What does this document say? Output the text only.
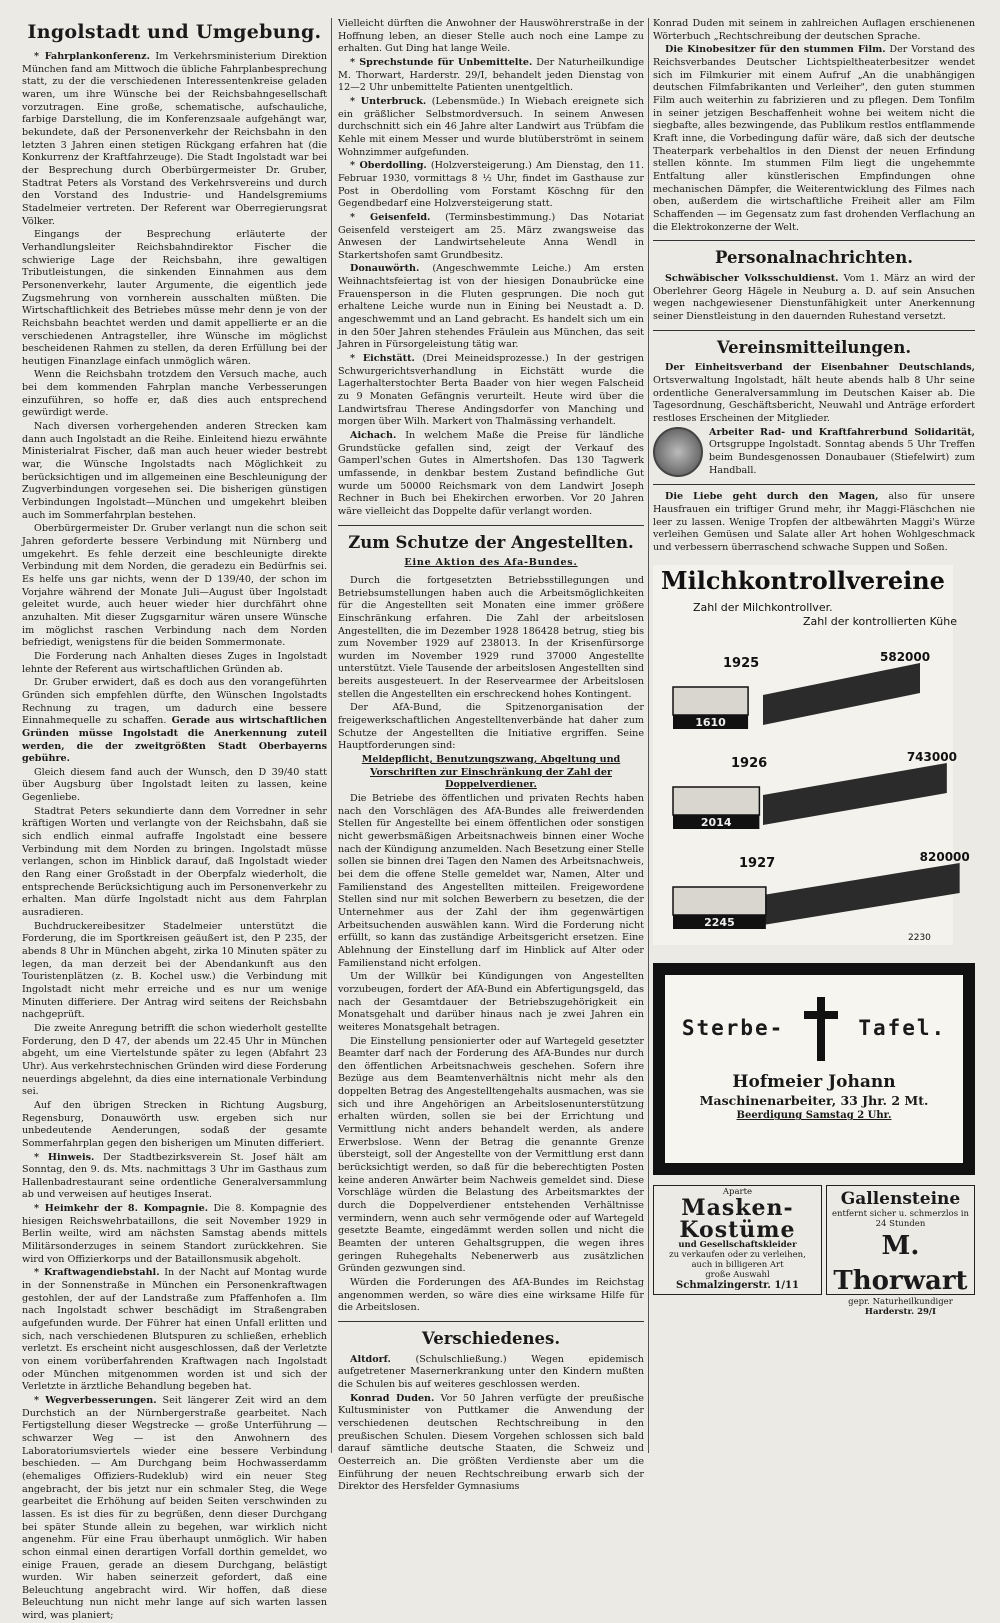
Ingolstadt und Umgebung.

* Fahrplankonferenz. Im Verkehrsministerium Direktion München fand am Mittwoch die übliche Fahrplanbesprechung statt, zu der die verschiedenen Interessentenkreise geladen waren, um ihre Wünsche bei der Reichsbahngesellschaft vorzutragen. Eine große, schematische, aufschauliche, farbige Darstellung, die im Konferenzsaale aufgehängt war, bekundete, daß der Personenverkehr der Reichsbahn in den letzten 3 Jahren einen stetigen Rückgang erfahren hat (die Konkurrenz der Kraftfahrzeuge). Die Stadt Ingolstadt war bei der Besprechung durch Oberbürgermeister Dr. Gruber, Stadtrat Peters als Vorstand des Verkehrsvereins und durch den Vorstand des Industrie- und Handelsgremiums Stadelmeier vertreten. Der Referent war Oberregierungsrat Völker.

Eingangs der Besprechung erläuterte der Verhandlungsleiter Reichsbahndirektor Fischer die schwierige Lage der Reichsbahn, ihre gewaltigen Tributleistungen, die sinkenden Einnahmen aus dem Personenverkehr, lauter Argumente, die eigentlich jede Zugsmehrung von vornherein ausschalten müßten. Die Wirtschaftlichkeit des Betriebes müsse mehr denn je von der Reichsbahn beachtet werden und damit appellierte er an die verschiedenen Antragsteller, ihre Wünsche im möglichst bescheidenen Rahmen zu stellen, da deren Erfüllung bei der heutigen Finanzlage einfach unmöglich wären.

Wenn die Reichsbahn trotzdem den Versuch mache, auch bei dem kommenden Fahrplan manche Verbesserungen einzuführen, so hoffe er, daß dies auch entsprechend gewürdigt werde.

Nach diversen vorhergehenden anderen Strecken kam dann auch Ingolstadt an die Reihe. Einleitend hiezu erwähnte Ministerialrat Fischer, daß man auch heuer wieder bestrebt war, die Wünsche Ingolstadts nach Möglichkeit zu berücksichtigen und im allgemeinen eine Beschleunigung der Zugverbindungen vorgesehen sei. Die bisherigen günstigen Verbindungen Ingolstadt—München und umgekehrt bleiben auch im Sommerfahrplan bestehen.

Oberbürgermeister Dr. Gruber verlangt nun die schon seit Jahren geforderte bessere Verbindung mit Nürnberg und umgekehrt. Es fehle derzeit eine beschleunigte direkte Verbindung mit dem Norden, die geradezu ein Bedürfnis sei. Es helfe uns gar nichts, wenn der D 139/40, der schon im Vorjahre während der Monate Juli—August über Ingolstadt geleitet wurde, auch heuer wieder hier durchfährt ohne anzuhalten. Mit dieser Zugsgarnitur wären unsere Wünsche im möglichst raschen Verbindung nach dem Norden befriedigt, wenigstens für die beiden Sommermonate.

Die Forderung nach Anhalten dieses Zuges in Ingolstadt lehnte der Referent aus wirtschaftlichen Gründen ab.

Dr. Gruber erwidert, daß es doch aus den vorangeführten Gründen sich empfehlen dürfte, den Wünschen Ingolstadts Rechnung zu tragen, um dadurch eine bessere Einnahmequelle zu schaffen. Gerade aus wirtschaftlichen Gründen müsse Ingolstadt die Anerkennung zuteil werden, die der zweitgrößten Stadt Oberbayerns gebühre.

Gleich diesem fand auch der Wunsch, den D 39/40 statt über Augsburg über Ingolstadt leiten zu lassen, keine Gegenliebe.

Stadtrat Peters sekundierte dann dem Vorredner in sehr kräftigen Worten und verlangte von der Reichsbahn, daß sie sich endlich einmal aufraffe Ingolstadt eine bessere Verbindung mit dem Norden zu bringen. Ingolstadt müsse verlangen, schon im Hinblick darauf, daß Ingolstadt wieder den Rang einer Großstadt in der Oberpfalz wiederholt, die entsprechende Berücksichtigung auch im Personenverkehr zu erhalten. Man dürfe Ingolstadt nicht aus dem Fahrplan ausradieren.

Buchdruckereibesitzer Stadelmeier unterstützt die Forderung, die im Sportkreisen geäußert ist, den P 235, der abends 8 Uhr in München abgeht, zirka 10 Minuten später zu legen, da man derzeit bei der Abendankunft aus den Touristenplätzen (z. B. Kochel usw.) die Verbindung mit Ingolstadt nicht mehr erreiche und es nur um wenige Minuten differiere. Der Antrag wird seitens der Reichsbahn nachgeprüft.

Die zweite Anregung betrifft die schon wiederholt gestellte Forderung, den D 47, der abends um 22.45 Uhr in München abgeht, um eine Viertelstunde später zu legen (Abfahrt 23 Uhr). Aus verkehrstechnischen Gründen wird diese Forderung neuerdings abgelehnt, da dies eine internationale Verbindung sei.

Auf den übrigen Strecken in Richtung Augsburg, Regensburg, Donauwörth usw. ergeben sich nur unbedeutende Aenderungen, sodaß der gesamte Sommerfahrplan gegen den bisherigen um Minuten differiert.

* Hinweis. Der Stadtbezirksverein St. Josef hält am Sonntag, den 9. ds. Mts. nachmittags 3 Uhr im Gasthaus zum Hallenbadrestaurant seine ordentliche Generalversammlung ab und verweisen auf heutiges Inserat.

* Heimkehr der 8. Kompagnie. Die 8. Kompagnie des hiesigen Reichswehrbataillons, die seit November 1929 in Berlin weilte, wird am nächsten Samstag abends mittels Militärsonderzuges in seinem Standort zurückkehren. Sie wird von Offizierkorps und der Bataillonsmusik abgeholt.

* Kraftwagendiebstahl. In der Nacht auf Montag wurde in der Sonnenstraße in München ein Personenkraftwagen gestohlen, der auf der Landstraße zum Pfaffenhofen a. Ilm nach Ingolstadt schwer beschädigt im Straßengraben aufgefunden wurde. Der Führer hat einen Unfall erlitten und sich, nach verschiedenen Blutspuren zu schließen, erheblich verletzt. Es erscheint nicht ausgeschlossen, daß der Verletzte von einem vorüberfahrenden Kraftwagen nach Ingolstadt oder München mitgenommen worden ist und sich der Verletzte in ärztliche Behandlung begeben hat.

* Wegverbesserungen. Seit längerer Zeit wird an dem Durchstich an der Nürnbergerstraße gearbeitet. Nach Fertigstellung dieser Wegstrecke — große Unterführung — schwarzer Weg — ist den Anwohnern des Laboratoriumsviertels wieder eine bessere Verbindung beschieden. — Am Durchgang beim Hochwasserdamm (ehemaliges Offiziers-Rudeklub) wird ein neuer Steg angebracht, der bis jetzt nur ein schmaler Steg, die Wege gearbeitet die Erhöhung auf beiden Seiten verschwinden zu lassen. Es ist dies für zu begrüßen, denn dieser Durchgang bei später Stunde allein zu begehen, war wirklich nicht angenehm. Für eine Frau überhaupt unmöglich. Wir haben schon einmal einen derartigen Vorfall dorthin gemeldet, wo einige Frauen, gerade an diesem Durchgang, belästigt wurden. Wir haben seinerzeit gefordert, daß eine Beleuchtung angebracht wird. Wir hoffen, daß diese Beleuchtung nun nicht mehr lange auf sich warten lassen wird, was planiert;

Vielleicht dürften die Anwohner der Hauswöhrerstraße in der Hoffnung leben, an dieser Stelle auch noch eine Lampe zu erhalten. Gut Ding hat lange Weile.

* Sprechstunde für Unbemittelte. Der Naturheilkundige M. Thorwart, Harderstr. 29/I, behandelt jeden Dienstag von 12—2 Uhr unbemittelte Patienten unentgeltlich.

* Unterbruck. (Lebensmüde.) In Wiebach ereignete sich ein gräßlicher Selbstmordversuch. In seinem Anwesen durchschnitt sich ein 46 Jahre alter Landwirt aus Trübfam die Kehle mit einem Messer und wurde blutüberströmt in seinem Wohnzimmer aufgefunden.

* Oberdolling. (Holzversteigerung.) Am Dienstag, den 11. Februar 1930, vormittags 8 ½ Uhr, findet im Gasthause zur Post in Oberdolling vom Forstamt Köschng für den Gegendbedarf eine Holzversteigerung statt.

* Geisenfeld. (Terminsbestimmung.) Das Notariat Geisenfeld versteigert am 25. März zwangsweise das Anwesen der Landwirtseheleute Anna Wendl in Starkertshofen samt Grundbesitz.

Donauwörth. (Angeschwemmte Leiche.) Am ersten Weihnachtsfeiertag ist von der hiesigen Donaubrücke eine Frauensperson in die Fluten gesprungen. Die noch gut erhaltene Leiche wurde nun in Eining bei Neustadt a. D. angeschwemmt und an Land gebracht. Es handelt sich um ein in den 50er Jahren stehendes Fräulein aus München, das seit Jahren in Fürsorgeleistung tätig war.

* Eichstätt. (Drei Meineidsprozesse.) In der gestrigen Schwurgerichtsverhandlung in Eichstätt wurde die Lagerhalterstochter Berta Baader von hier wegen Falscheid zu 9 Monaten Gefängnis verurteilt. Heute wird über die Landwirtsfrau Therese Andingsdorfer von Manching und morgen über Wilh. Markert von Thalmässing verhandelt.

Aichach. In welchem Maße die Preise für ländliche Grundstücke gefallen sind, zeigt der Verkauf des Gamperl'schen Gutes in Almertshofen. Das 130 Tagwerk umfassende, in denkbar bestem Zustand befindliche Gut wurde um 50000 Reichsmark von dem Landwirt Joseph Rechner in Buch bei Ehekirchen erworben. Vor 20 Jahren wäre vielleicht das Doppelte dafür verlangt worden.

Zum Schutze der Angestellten.
Eine Aktion des Afa-Bundes.

Durch die fortgesetzten Betriebsstillegungen und Betriebsumstellungen haben auch die Arbeitsmöglichkeiten für die Angestellten seit Monaten eine immer größere Einschränkung erfahren. Die Zahl der arbeitslosen Angestellten, die im Dezember 1928 186428 betrug, stieg bis zum November 1929 auf 238013. In der Krisenfürsorge wurden im November 1929 rund 37000 Angestellte unterstützt. Viele Tausende der arbeitslosen Angestellten sind bereits ausgesteuert. In der Reservearmee der Arbeitslosen stellen die Angestellten ein erschreckend hohes Kontingent.

Der AfA-Bund, die Spitzenorganisation der freigewerkschaftlichen Angestelltenverbände hat daher zum Schutze der Angestellten die Initiative ergriffen. Seine Hauptforderungen sind:

Meldepflicht, Benutzungszwang, Abgeltung und Vorschriften zur Einschränkung der Zahl der Doppelverdiener.

Die Betriebe des öffentlichen und privaten Rechts haben nach den Vorschlägen des AfA-Bundes alle freiwerdenden Stellen für Angestellte bei einem öffentlichen oder sonstigen nicht gewerbsmäßigen Arbeitsnachweis binnen einer Woche nach der Kündigung anzumelden. Nach Besetzung einer Stelle sollen sie binnen drei Tagen den Namen des Arbeitsnachweis, bei dem die offene Stelle gemeldet war, Namen, Alter und Familienstand des Angestellten mitteilen. Freigewordene Stellen sind nur mit solchen Bewerbern zu besetzen, die der Unternehmer aus der Zahl der ihm gegenwärtigen Arbeitsuchenden auswählen kann. Wird die Forderung nicht erfüllt, so kann das zuständige Arbeitsgericht ersetzen. Eine Ablehnung der Einstellung darf im Hinblick auf Alter oder Familienstand nicht erfolgen.

Um der Willkür bei Kündigungen von Angestellten vorzubeugen, fordert der AfA-Bund ein Abfertigungsgeld, das nach der Gesamtdauer der Betriebszugehörigkeit ein Monatsgehalt und darüber hinaus nach je zwei Jahren ein weiteres Monatsgehalt betragen.

Die Einstellung pensionierter oder auf Wartegeld gesetzter Beamter darf nach der Forderung des AfA-Bundes nur durch den öffentlichen Arbeitsnachweis geschehen. Sofern ihre Bezüge aus dem Beamtenverhältnis nicht mehr als den doppelten Betrag des Angestelltengehalts ausmachen, was sie sich und ihre Angehörigen an Arbeitslosenunterstützung erhalten würden, sollen sie bei der Errichtung und Vermittlung nicht anders behandelt werden, als andere Erwerbslose. Wenn der Betrag die genannte Grenze übersteigt, soll der Angestellte von der Vermittlung erst dann berücksichtigt werden, so daß für die beberechtigten Posten keine anderen Anwärter beim Nachweis gemeldet sind. Diese Vorschläge würden die Belastung des Arbeitsmarktes der durch die Doppelverdiener entstehenden Verhältnisse vermindern, wenn auch sehr vermögende oder auf Wartegeld gesetzte Beamte, eingedämmt werden sollen und nicht die Beamten der unteren Gehaltsgruppen, die wegen ihres geringen Ruhegehalts Nebenerwerb aus zusätzlichen Gründen gezwungen sind.

Würden die Forderungen des AfA-Bundes im Reichstag angenommen werden, so wäre dies eine wirksame Hilfe für die Arbeitslosen.

Verschiedenes.

Altdorf.	(Schulschließung.) Wegen epidemisch aufgetretener Masernerkrankung unter den Kindern mußten die Schulen bis auf weiteres geschlossen werden.

Konrad Duden. Vor 50 Jahren verfügte der preußische Kultusminister von Puttkamer die Anwendung der verschiedenen deutschen Rechtschreibung in den preußischen Schulen. Diesem Vorgehen schlossen sich bald darauf sämtliche deutsche Staaten, die Schweiz und Oesterreich an. Die größten Verdienste aber um die Einführung der neuen Rechtschreibung erwarb sich der Direktor des Hersfelder Gymnasiums

Konrad Duden mit seinem in zahlreichen Auflagen erschienenen Wörterbuch „Rechtschreibung der deutschen Sprache.

Die Kinobesitzer für den stummen Film. Der Vorstand des Reichsverbandes Deutscher Lichtspieltheaterbesitzer wendet sich im Filmkurier mit einem Aufruf „An die unabhängigen deutschen Filmfabrikanten und Verleiher", den guten stummen Film auch weiterhin zu fabrizieren und zu pflegen. Dem Tonfilm in seiner jetzigen Beschaffenheit wohne bei weitem nicht die siegbafte, alles bezwingende, das Publikum restlos entflammende Kraft inne, die Vorbedingung dafür wäre, daß sich der deutsche Theaterpark verbehaltlos in den Dienst der neuen Erfindung stellen könnte. Im stummen Film liegt die ungehemmte Entfaltung aller künstlerischen Empfindungen ohne mechanischen Dämpfer, die Weiterentwicklung des Filmes nach oben, außerdem die wirtschaftliche Freiheit aller am Film Schaffenden — im Gegensatz zum fast drohenden Verflachung an die Elektrokonzerne der Welt.

Personalnachrichten.

Schwäbischer Volksschuldienst. Vom 1. März an wird der Oberlehrer Georg Hägele in Neuburg a. D. auf sein Ansuchen wegen nachgewiesener Dienstunfähigkeit unter Anerkennung seiner Dienstleistung in den dauernden Ruhestand versetzt.

Vereinsmitteilungen.

Der Einheitsverband der Eisenbahner Deutschlands, Ortsverwaltung Ingolstadt, hält heute abends halb 8 Uhr seine ordentliche Generalversammlung im Deutschen Kaiser ab. Die Tagesordnung, Geschäftsbericht, Neuwahl und Anträge erfordert restloses Erscheinen der Mitglieder.

Arbeiter Rad- und Kraftfahrerbund Solidarität, Ortsgruppe Ingolstadt. Sonntag abends 5 Uhr Treffen beim Bundesgenossen Donaubauer (Stiefelwirt) zum Handball.

Die Liebe geht durch den Magen, also für unsere Hausfrauen ein triftiger Grund mehr, ihr Maggi-Fläschchen nie leer zu lassen. Wenige Tropfen der altbewährten Maggi's Würze verleihen Gemüsen und Salate aller Art hohen Wohlgeschmack und verbessern überraschend schwache Suppen und Soßen.

Milchkontrollvereine
Zahl der Milchkontrollver.
Zahl der kontrollierten Kühe
1925	582000
1610
1926	743000
2014
1927	820000
2245
2230
Sterbe-	Tafel.
Hofmeier Johann
Maschinenarbeiter, 33 Jhr. 2 Mt.
Beerdigung Samstag 2 Uhr.
Aparte
Masken-
Kostüme
und Gesellschaftskleider
zu verkaufen oder zu verleihen,
auch in billigeren Art
große Auswahl
Schmalzingerstr. 1/11
Gallensteine
entfernt sicher u. schmerzlos in
24 Stunden
M. Thorwart
gepr. Naturheilkundiger
Harderstr. 29/I
